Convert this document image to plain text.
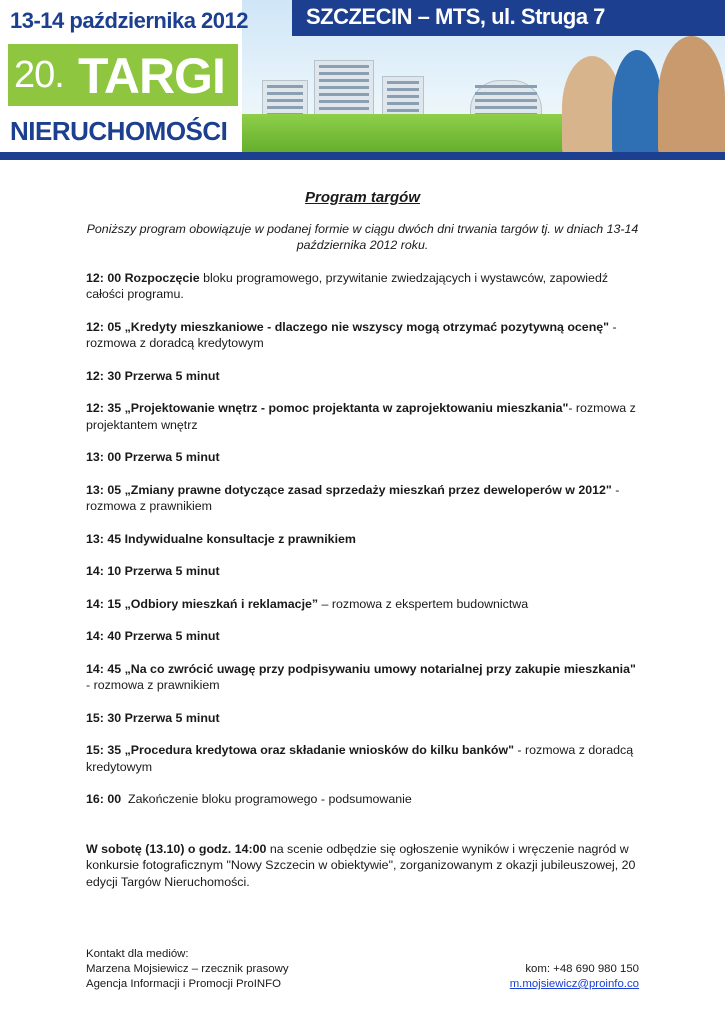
13-14 października 2012
20. TARGI
NIERUCHOMOŚCI
SZCZECIN – MTS, ul. Struga 7
Program targów
Poniższy program obowiązuje w podanej formie w ciągu dwóch dni trwania targów tj. w dniach 13-14 października 2012 roku.
12: 00 Rozpoczęcie bloku programowego, przywitanie zwiedzających i wystawców, zapowiedź całości programu.
12: 05 „Kredyty mieszkaniowe - dlaczego nie wszyscy mogą otrzymać pozytywną ocenę" - rozmowa z doradcą kredytowym
12: 30 Przerwa 5 minut
12: 35 „Projektowanie wnętrz - pomoc projektanta w zaprojektowaniu mieszkania"- rozmowa z projektantem wnętrz
13: 00 Przerwa 5 minut
13: 05 „Zmiany prawne dotyczące zasad sprzedaży mieszkań przez deweloperów w 2012" - rozmowa z prawnikiem
13: 45 Indywidualne konsultacje z prawnikiem
14: 10 Przerwa 5 minut
14: 15 „Odbiory mieszkań i reklamacje” – rozmowa z ekspertem budownictwa
14: 40 Przerwa 5 minut
14: 45 „Na co zwrócić uwagę przy podpisywaniu umowy notarialnej przy zakupie mieszkania" - rozmowa z prawnikiem
15: 30 Przerwa 5 minut
15: 35 „Procedura kredytowa oraz składanie wniosków do kilku banków" - rozmowa z doradcą kredytowym
16: 00  Zakończenie bloku programowego - podsumowanie
W sobotę (13.10) o godz. 14:00 na scenie odbędzie się ogłoszenie wyników i wręczenie nagród w konkursie fotograficznym "Nowy Szczecin w obiektywie", zorganizowanym z okazji jubileuszowej, 20 edycji Targów Nieruchomości.
Kontakt dla mediów:
Marzena Mojsiewicz – rzecznik prasowy	kom: +48 690 980 150
Agencja Informacji i Promocji ProINFO	m.mojsiewicz@proinfo.co
